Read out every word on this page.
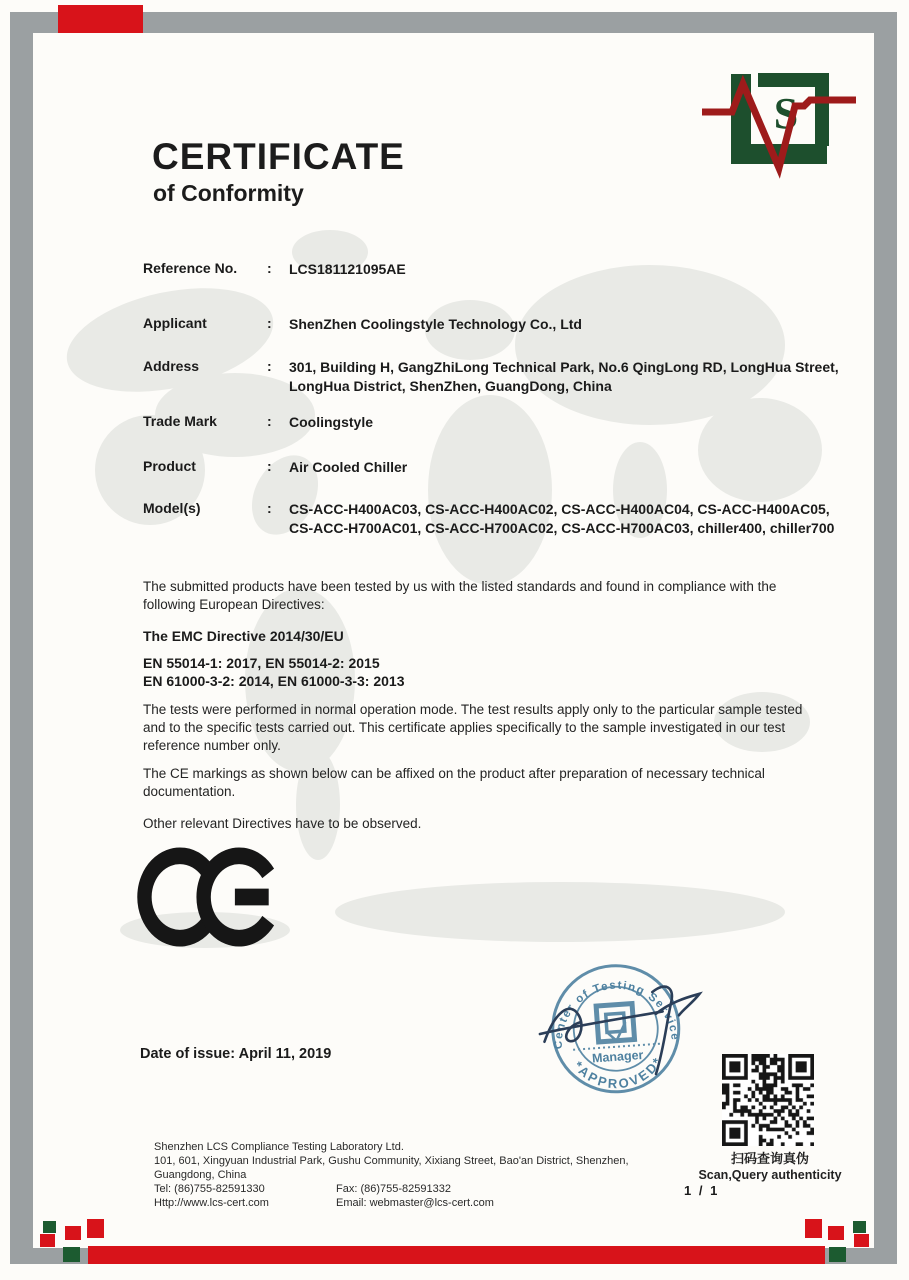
S
CERTIFICATE
of Conformity
Reference No.	:	LCS181121095AE
Applicant	:	ShenZhen Coolingstyle Technology Co., Ltd
Address	:	301, Building H, GangZhiLong Technical Park, No.6 QingLong RD, LongHua Street, LongHua District, ShenZhen, GuangDong, China
Trade Mark	:	Coolingstyle
Product	:	Air Cooled Chiller
Model(s)	:	CS-ACC-H400AC03, CS-ACC-H400AC02, CS-ACC-H400AC04, CS-ACC-H400AC05, CS-ACC-H700AC01, CS-ACC-H700AC02, CS-ACC-H700AC03, chiller400, chiller700
The submitted products have been tested by us with the listed standards and found in compliance with the following European Directives:
The EMC Directive 2014/30/EU
EN 55014-1: 2017, EN 55014-2: 2015
EN 61000-3-2: 2014, EN 61000-3-3: 2013
The tests were performed in normal operation mode. The test results apply only to the particular sample tested and to the specific tests carried out. This certificate applies specifically to the sample investigated in our test reference number only.
The CE markings as shown below can be affixed on the product after preparation of necessary technical documentation.
Other relevant Directives have to be observed.
Date of issue: April 11, 2019
Center of Testing Service
*APPROVED*
Manager
扫码查询真伪
Scan,Query authenticity
Shenzhen LCS Compliance Testing Laboratory Ltd.
101, 601, Xingyuan Industrial Park, Gushu Community, Xixiang Street, Bao'an District, Shenzhen, Guangdong, China
Tel: (86)755-82591330	Fax: (86)755-82591332
Http://www.lcs-cert.com	Email: webmaster@lcs-cert.com
1 / 1
